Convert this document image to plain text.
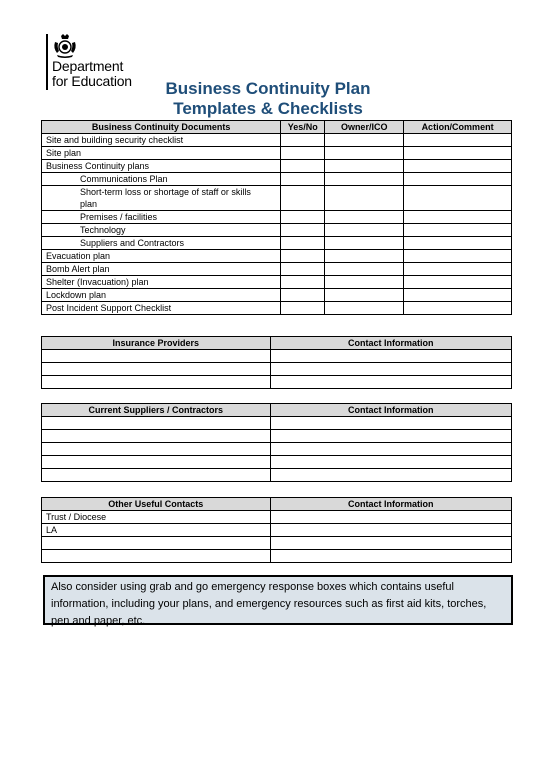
Department
for Education	Business Continuity Plan
Templates & Checklists
Business Continuity Documents	Yes/No	Owner/ICO	Action/Comment
Site and building security checklist			
Site plan			
Business Continuity plans			
Communications Plan			
Short-term loss or shortage of staff or skills plan			
Premises / facilities			
Technology			
Suppliers and Contractors			
Evacuation plan			
Bomb Alert plan			
Shelter (Invacuation) plan			
Lockdown plan			
Post Incident Support Checklist			
Insurance Providers	Contact Information

Current Suppliers / Contractors	Contact Information

Other Useful Contacts	Contact Information
Trust / Diocese	
LA	

Also consider using grab and go emergency response boxes which contains useful information, including your plans, and emergency resources such as first aid kits, torches, pen and paper, etc.
